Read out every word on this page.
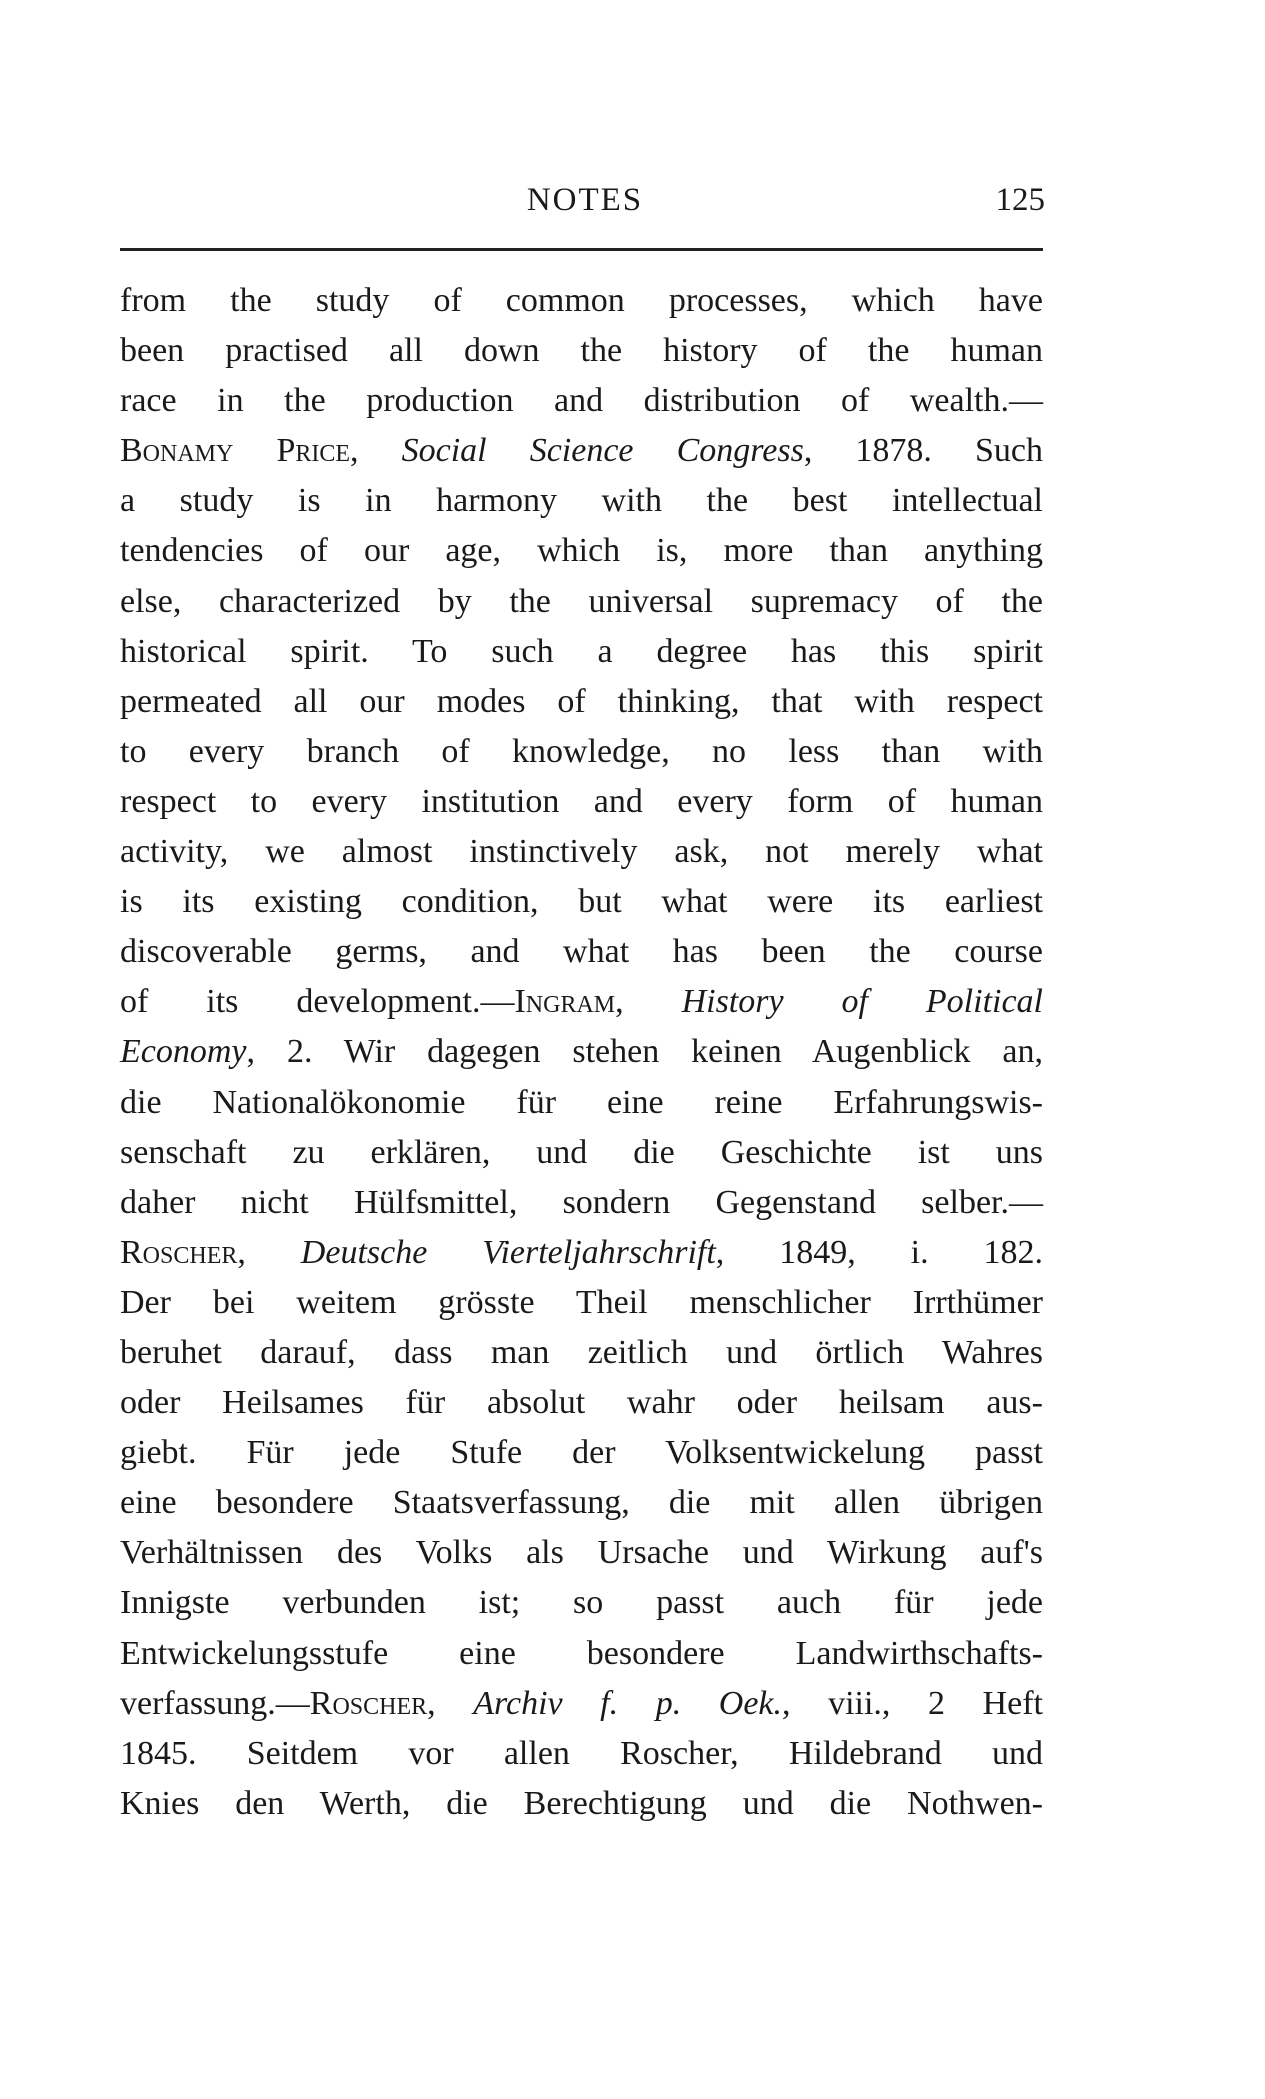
NOTES	125
from the study of common processes, which have
been practised all down the history of the human
race in the production and distribution of wealth.—
Bonamy Price, Social Science Congress, 1878. Such
a study is in harmony with the best intellectual
tendencies of our age, which is, more than anything
else, characterized by the universal supremacy of the
historical spirit. To such a degree has this spirit
permeated all our modes of thinking, that with respect
to every branch of knowledge, no less than with
respect to every institution and every form of human
activity, we almost instinctively ask, not merely what
is its existing condition, but what were its earliest
discoverable germs, and what has been the course
of its development.—Ingram, History of Political
Economy, 2. Wir dagegen stehen keinen Augenblick an,
die Nationalökonomie für eine reine Erfahrungswis-
senschaft zu erklären, und die Geschichte ist uns
daher nicht Hülfsmittel, sondern Gegenstand selber.—
Roscher, Deutsche Vierteljahrschrift, 1849, i. 182.
Der bei weitem grösste Theil menschlicher Irrthümer
beruhet darauf, dass man zeitlich und örtlich Wahres
oder Heilsames für absolut wahr oder heilsam aus-
giebt. Für jede Stufe der Volksentwickelung passt
eine besondere Staatsverfassung, die mit allen übrigen
Verhältnissen des Volks als Ursache und Wirkung auf's
Innigste verbunden ist; so passt auch für jede
Entwickelungsstufe eine besondere Landwirthschafts-
verfassung.—Roscher, Archiv f. p. Oek., viii., 2 Heft
1845. Seitdem vor allen Roscher, Hildebrand und
Knies den Werth, die Berechtigung und die Nothwen-
